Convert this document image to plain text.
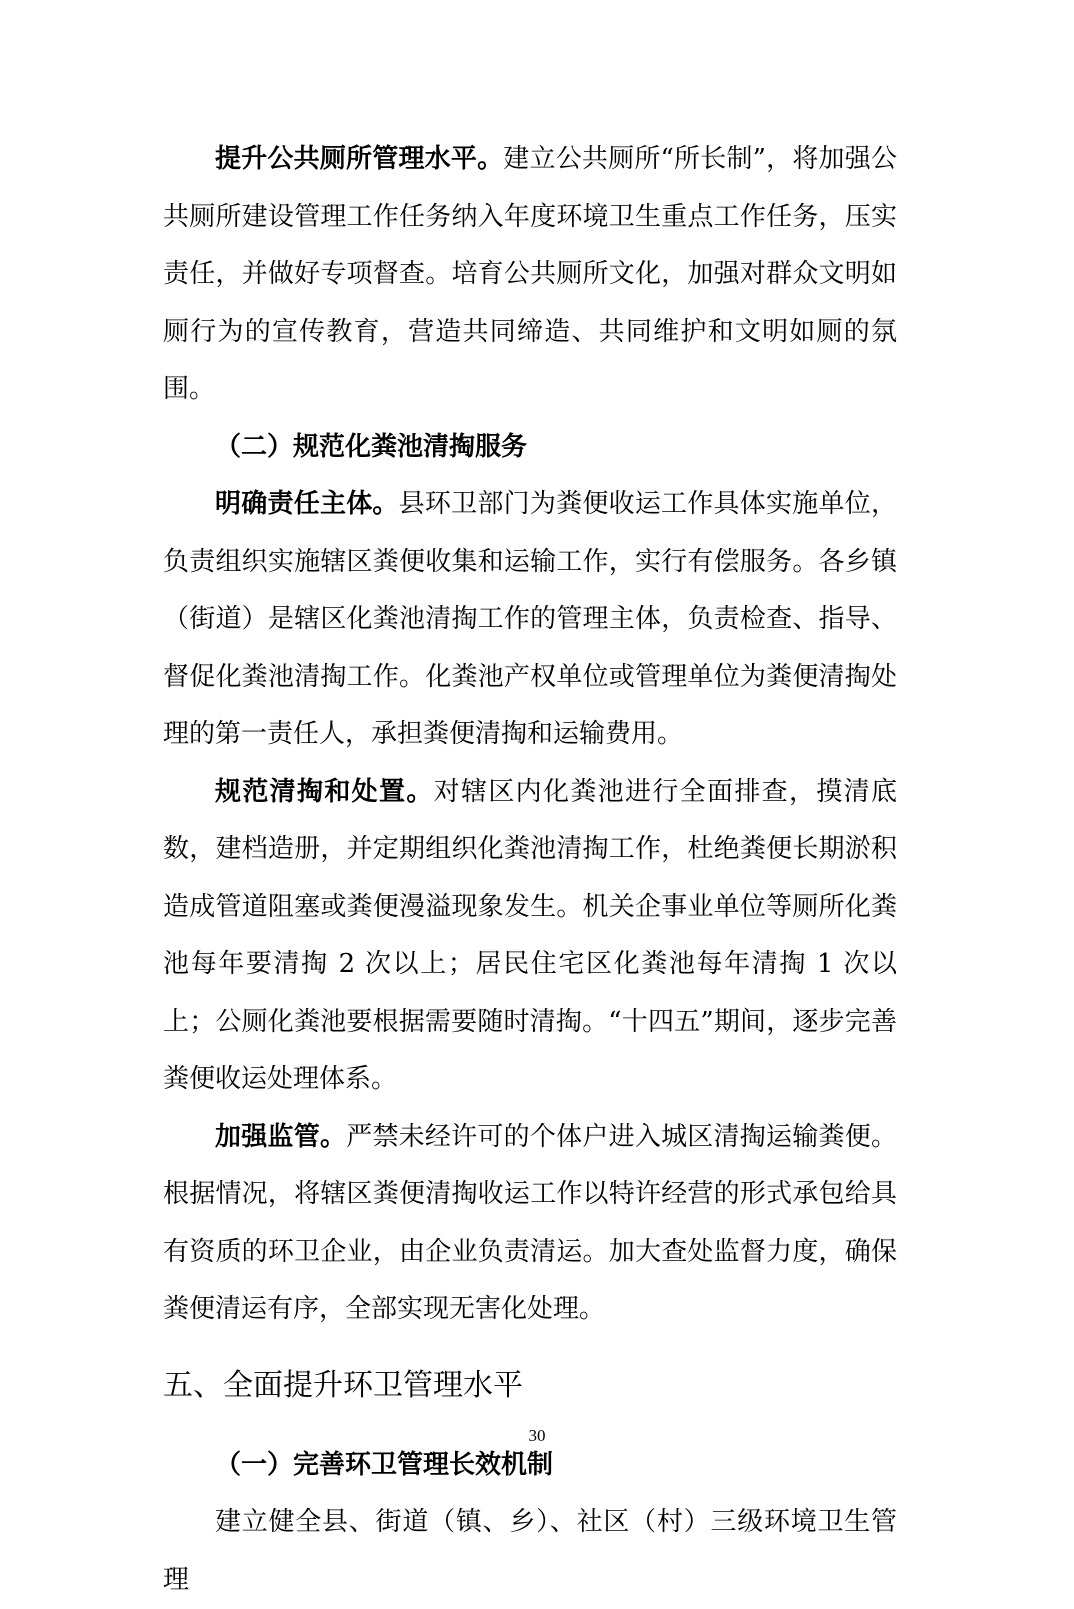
提升公共厕所管理水平。建立公共厕所“所长制”，将加强公共厕所建设管理工作任务纳入年度环境卫生重点工作任务，压实责任，并做好专项督查。培育公共厕所文化，加强对群众文明如厕行为的宣传教育，营造共同缔造、共同维护和文明如厕的氛围。

（二）规范化粪池清掏服务

明确责任主体。县环卫部门为粪便收运工作具体实施单位，负责组织实施辖区粪便收集和运输工作，实行有偿服务。各乡镇（街道）是辖区化粪池清掏工作的管理主体，负责检查、指导、督促化粪池清掏工作。化粪池产权单位或管理单位为粪便清掏处理的第一责任人，承担粪便清掏和运输费用。

规范清掏和处置。对辖区内化粪池进行全面排查，摸清底数，建档造册，并定期组织化粪池清掏工作，杜绝粪便长期淤积造成管道阻塞或粪便漫溢现象发生。机关企事业单位等厕所化粪池每年要清掏 2 次以上；居民住宅区化粪池每年清掏 1 次以上；公厕化粪池要根据需要随时清掏。“十四五”期间，逐步完善粪便收运处理体系。

加强监管。严禁未经许可的个体户进入城区清掏运输粪便。根据情况，将辖区粪便清掏收运工作以特许经营的形式承包给具有资质的环卫企业，由企业负责清运。加大查处监督力度，确保粪便清运有序，全部实现无害化处理。

五、全面提升环卫管理水平

（一）完善环卫管理长效机制

建立健全县、街道（镇、乡）、社区（村）三级环境卫生管理

30
